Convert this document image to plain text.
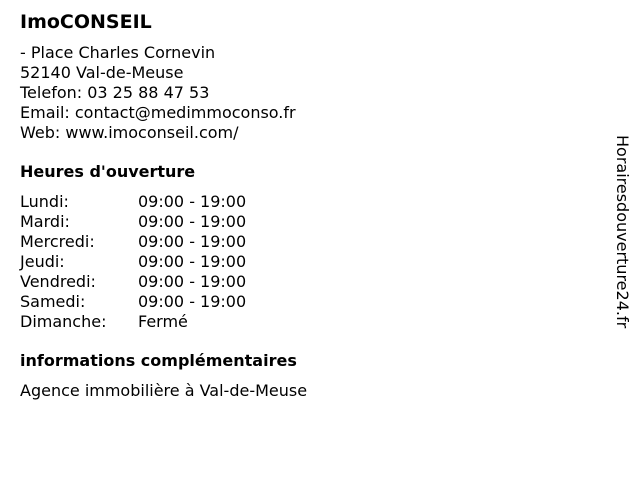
ImoCONSEIL
- Place Charles Cornevin
52140 Val-de-Meuse
Telefon: 03 25 88 47 53
Email: contact@medimmoconso.fr
Web: www.imoconseil.com/
Heures d'ouverture
Lundi:	09:00 - 19:00
Mardi:	09:00 - 19:00
Mercredi:	09:00 - 19:00
Jeudi:	09:00 - 19:00
Vendredi:	09:00 - 19:00
Samedi:	09:00 - 19:00
Dimanche:	Fermé
informations complémentaires
Agence immobilière à Val-de-Meuse
Horairesdouverture24.fr
